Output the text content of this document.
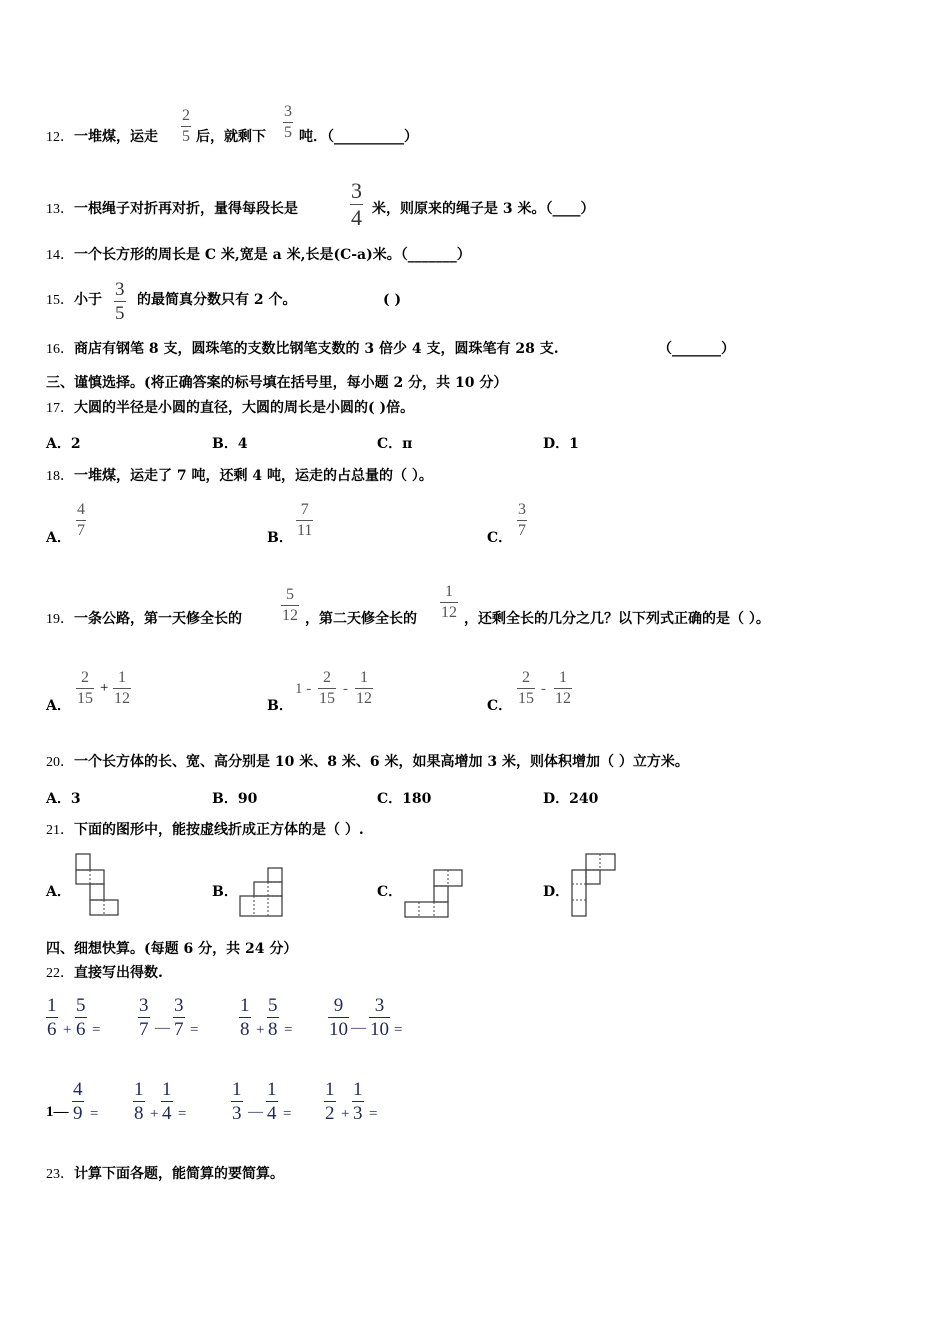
12．一堆煤，运走
2
5 后，就剩下
3
5 吨．（__________）
13．一根绳子对折再对折，量得每段长是
3
4 米，则原来的绳子是 3 米。（____）
14．一个长方形的周长是 C 米,宽是 a 米,长是(C-a)米。（_______）
15．小于 3
5
的最简真分数只有 2 个。	( )
16．商店有钢笔 8 支，圆珠笔的支数比钢笔支数的 3 倍少 4 支，圆珠笔有 28 支.	（_______）
三、谨慎选择。(将正确答案的标号填在括号里，每小题 2 分，共 10 分）
17．大圆的半径是小圆的直径，大圆的周长是小圆的( )倍。
A．2	B．4	C．π	D．1
18．一堆煤，运走了 7 吨，还剩 4 吨，运走的占总量的（ ）。
A．
4
7	B．
7
11	C．
3
7
19．一条公路，第一天修全长的
5
12 ，第二天修全长的
1
12 ，还剩全长的几分之几？以下列式正确的是（ ）。
A．
2
15
+
1
12	B．
1 -
2
15
-
1
12	C．
2
15
-
1
12
20．一个长方体的长、宽、高分别是 10 米、8 米、6 米，如果高增加 3 米，则体积增加（ ）立方米。
A．3	B．90	C．180	D．240
21．下面的图形中，能按虚线折成正方体的是（ ）.
A．	B．	C．	D．
四、细想快算。(每题 6 分，共 24 分）
22．直接写出得数.
1
6 +
5
6 =
3
7 —
3
7 =
1
8 +
5
8 =
9
10 —
3
10 =
1—
4
9 =
1
8 +
1
4 =
1
3 —
1
4 =
1
2 +
1
3 =
23．计算下面各题，能简算的要简算。
